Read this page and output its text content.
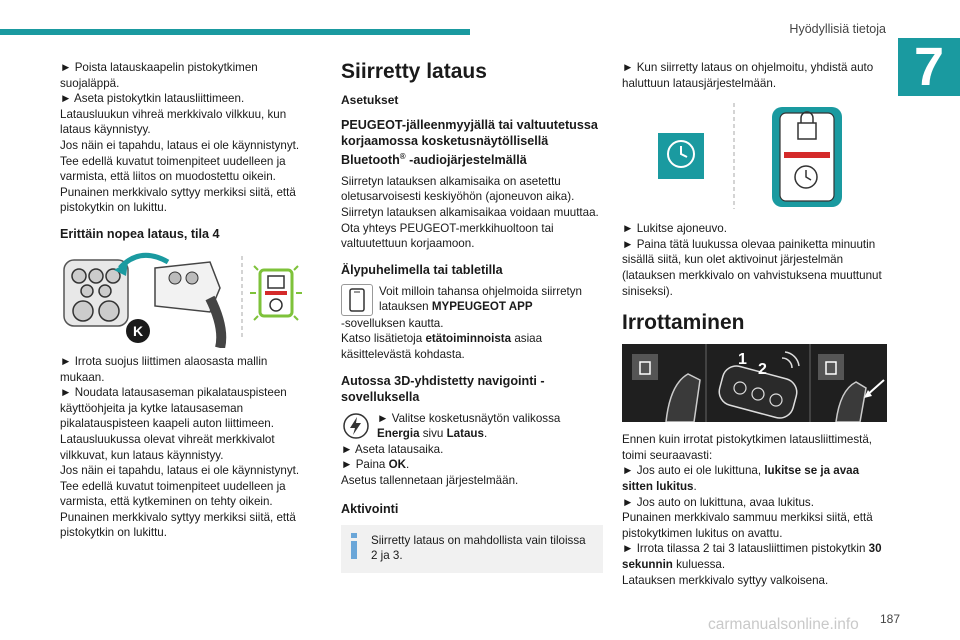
Hyödyllisiä tietoja
7

► Poista latauskaapelin pistokytkimen suojaläppä.

► Aseta pistokytkin latausliittimeen.

Latausluukun vihreä merkkivalo vilkkuu, kun lataus käynnistyy.

Jos näin ei tapahdu, lataus ei ole käynnistynyt. Tee edellä kuvatut toimenpiteet uudelleen ja varmista, että liitos on muodostettu oikein.

Punainen merkkivalo syttyy merkiksi siitä, että pistokytkin on lukittu.

Erittäin nopea lataus, tila 4
K

► Irrota suojus liittimen alaosasta mallin mukaan.

► Noudata latausaseman pikalatauspisteen käyttöohjeita ja kytke latausaseman pikalatauspisteen kaapeli auton liittimeen.

Latausluukussa olevat vihreät merkkivalot vilkkuvat, kun lataus käynnistyy.

Jos näin ei tapahdu, lataus ei ole käynnistynyt. Tee edellä kuvatut toimenpiteet uudelleen ja varmista, että kytkeminen on tehty oikein.

Punainen merkkivalo syttyy merkiksi siitä, että pistokytkin on lukittu.

Siirretty lataus
Asetukset
PEUGEOT-jälleenmyyjällä tai valtuutetussa korjaamossa kosketusnäytöllisellä Bluetooth® -audiojärjestelmällä

Siirretyn latauksen alkamisaika on asetettu oletusarvoisesti keskiyöhön (ajoneuvon aika).

Siirretyn latauksen alkamisaikaa voidaan muuttaa.

Ota yhteys PEUGEOT-merkkihuoltoon tai valtuutettuun korjaamoon.

Älypuhelimella tai tabletilla
Voit milloin tahansa ohjelmoida siirretyn latauksen MYPEUGEOT APP

-sovelluksen kautta.

Katso lisätietoja etätoiminnoista asiaa käsittelevästä kohdasta.

Autossa 3D-yhdistetty navigointi -sovelluksella
► Valitse kosketusnäytön valikossa Energia sivu Lataus.

► Aseta latausaika.

► Paina OK.

Asetus tallennetaan järjestelmään.

Aktivointi
Siirretty lataus on mahdollista vain tiloissa 2 ja 3.

► Kun siirretty lataus on ohjelmoitu, yhdistä auto haluttuun latausjärjestelmään.

► Lukitse ajoneuvo.

► Paina tätä luukussa olevaa painiketta minuutin sisällä siitä, kun olet aktivoinut järjestelmän (latauksen merkkivalo on vahvistuksena muuttunut siniseksi).

Irrottaminen
1
2

Ennen kuin irrotat pistokytkimen latausliittimestä, toimi seuraavasti:

► Jos auto ei ole lukittuna, lukitse se ja avaa sitten lukitus.

► Jos auto on lukittuna, avaa lukitus.

Punainen merkkivalo sammuu merkiksi siitä, että pistokytkimen lukitus on avattu.

► Irrota tilassa 2 tai 3 latausliittimen pistokytkin 30 sekunnin kuluessa.

Latauksen merkkivalo syttyy valkoisena.

carmanualsonline.info 187
